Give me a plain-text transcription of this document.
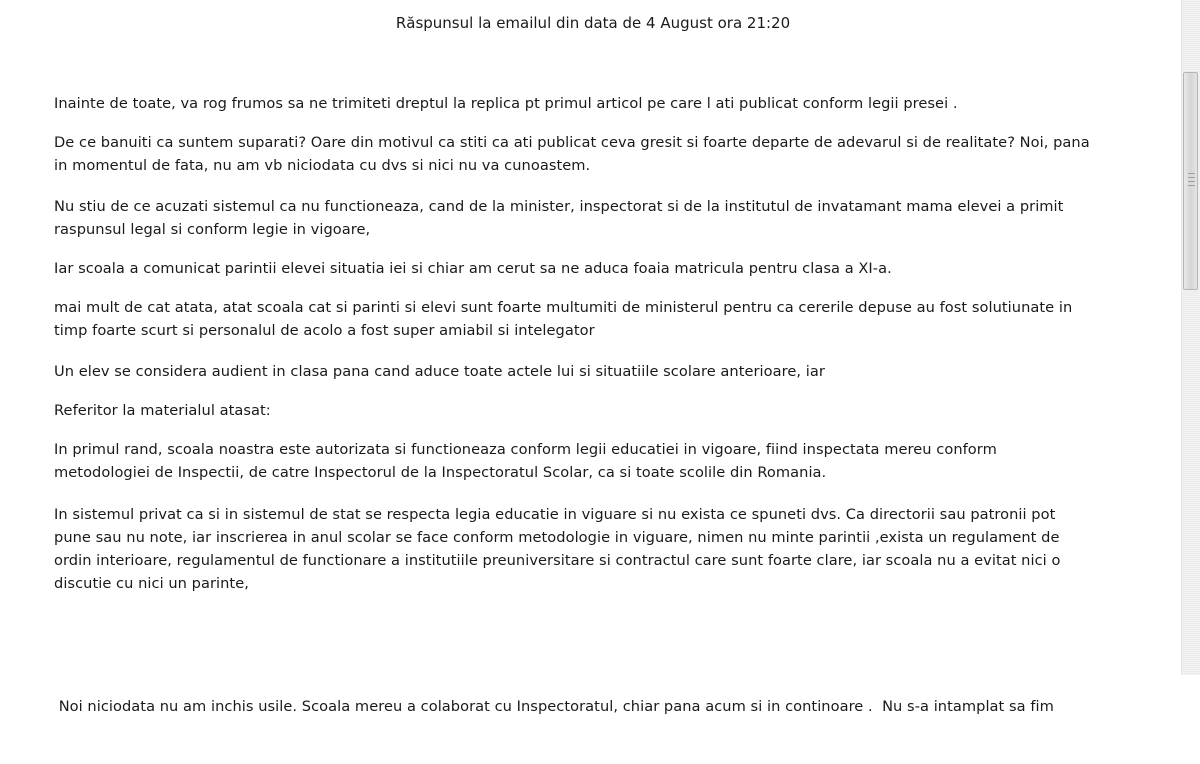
Răspunsul la emailul din data de 4 August ora 21:20
Inainte de toate, va rog frumos sa ne trimiteti dreptul la replica pt primul articol pe care l ati publicat conform legii presei .
De ce banuiti ca suntem suparati? Oare din motivul ca stiti ca ati publicat ceva gresit si foarte departe de adevarul si de realitate? Noi, pana
in momentul de fata, nu am vb niciodata cu dvs si nici nu va cunoastem.
Nu stiu de ce acuzati sistemul ca nu functioneaza, cand de la minister, inspectorat si de la institutul de invatamant mama elevei a primit
raspunsul legal si conform legie in vigoare,
Iar scoala a comunicat parintii elevei situatia iei si chiar am cerut sa ne aduca foaia matricula pentru clasa a XI-a.
mai mult de cat atata, atat scoala cat si parinti si elevi sunt foarte multumiti de ministerul pentru ca cererile depuse au fost solutiunate in
timp foarte scurt si personalul de acolo a fost super amiabil si intelegator
Un elev se considera audient in clasa pana cand aduce toate actele lui si situatiile scolare anterioare, iar
Referitor la materialul atasat:
In primul rand, scoala noastra este autorizata si functioneaza conform legii educatiei in vigoare, fiind inspectata mereu conform
metodologiei de Inspectii, de catre Inspectorul de la Inspectoratul Scolar, ca si toate scolile din Romania.
In sistemul privat ca si in sistemul de stat se respecta legia educatie in viguare si nu exista ce spuneti dvs. Ca directorii sau patronii pot
pune sau nu note, iar inscrierea in anul scolar se face conform metodologie in viguare, nimen nu minte parintii ,exista un regulament de
ordin interioare, regulamentul de functionare a institutiile preuniversitare si contractul care sunt foarte clare, iar scoala nu a evitat nici o
discutie cu nici un parinte,

Noi niciodata nu am inchis usile. Scoala mereu a colaborat cu Inspectoratul, chiar pana acum si in continoare .  Nu s-a intamplat sa fim
